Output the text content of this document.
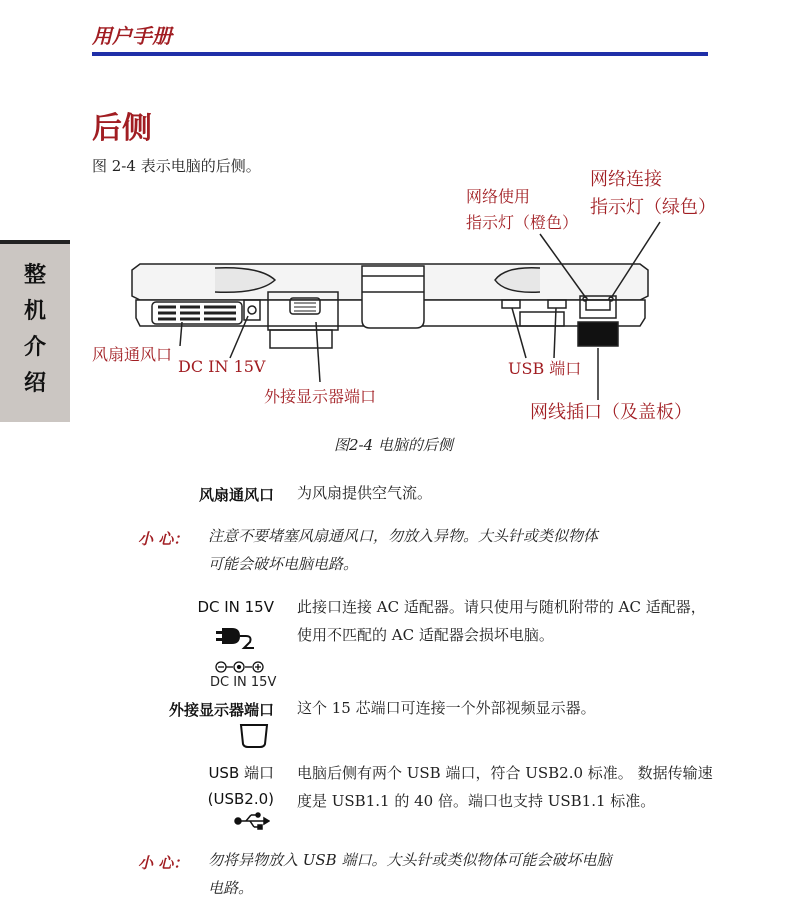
用户手册
整
机
介
绍
后侧
图 2-4 表示电脑的后侧。
网络使用
指示灯（橙色）
网络连接
指示灯（绿色）
风扇通风口
DC IN 15V
外接显示器端口
USB 端口
网线插口（及盖板）
图2-4 电脑的后侧
风扇通风口 为风扇提供空气流。
小 心： 注意不要堵塞风扇通风口，勿放入异物。大头针或类似物体
可能会破坏电脑电路。
DC IN 15V
DC IN 15V
此接口连接 AC 适配器。请只使用与随机附带的 AC 适配器，使用不匹配的 AC 适配器会损坏电脑。
外接显示器端口 这个 15 芯端口可连接一个外部视频显示器。
USB 端口
(USB2.0)
电脑后侧有两个 USB 端口，符合 USB2.0 标准。 数据传输速度是 USB1.1 的 40 倍。端口也支持 USB1.1 标准。
小 心： 勿将异物放入 USB 端口。大头针或类似物体可能会破坏电脑
电路。
